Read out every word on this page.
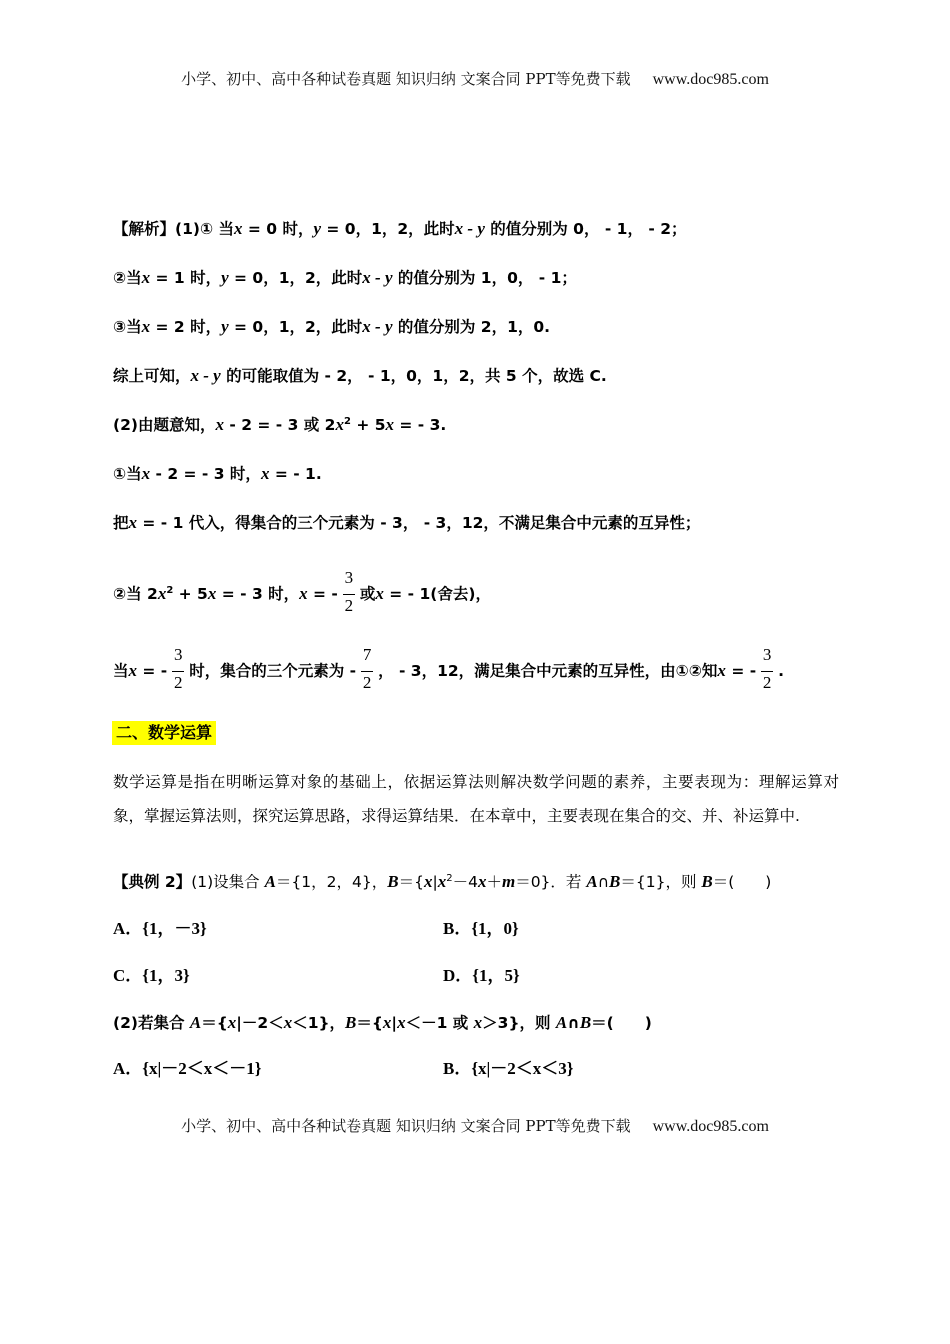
小学、初中、高中各种试卷真题 知识归纳 文案合同 PPT等免费下载 www.doc985.com
【解析】(1)① 当x = 0 时，y = 0，1，2，此时x - y 的值分别为 0， - 1， - 2；
②当x = 1 时，y = 0，1，2，此时x - y 的值分别为 1，0， - 1；
③当x = 2 时，y = 0，1，2，此时x - y 的值分别为 2，1，0.
综上可知，x - y 的可能取值为 - 2， - 1，0，1，2，共 5 个，故选 C.
(2)由题意知，x - 2 = - 3 或 $2x^2 + 5x$ = - 3.
①当x - 2 = - 3 时，x = - 1.
把x = - 1 代入，得集合的三个元素为 - 3， - 3，12，不满足集合中元素的互异性；
②当 $2x^2 + 5x$ = - 3 时，x = - $\frac{3}{2}$ 或x = - 1(舍去)，
当x = - $\frac{3}{2}$ 时，集合的三个元素为 - $\frac{7}{2}$ ， - 3，12，满足集合中元素的互异性，由①②知x = - $\frac{3}{2}$ .
二、数学运算
数学运算是指在明晰运算对象的基础上，依据运算法则解决数学问题的素养，主要表现为：理解运算对象，掌握运算法则，探究运算思路，求得运算结果．在本章中，主要表现在集合的交、并、补运算中.
【典例 2】(1)设集合 A＝{1，2，4}，$B=\{x|x^2-4x+m=0\}$．若 A∩B＝{1}，则 B＝(　　)
A．{1，－3}	B．{1，0}
C．{1，3}	D．{1，5}
(2)若集合 A＝{x|－2＜x＜1}，B＝{x|x＜－1 或 x＞3}，则 A∩B＝(　　)
A．{x|－2＜x＜－1}	B．{x|－2＜x＜3}
小学、初中、高中各种试卷真题 知识归纳 文案合同 PPT等免费下载 www.doc985.com
